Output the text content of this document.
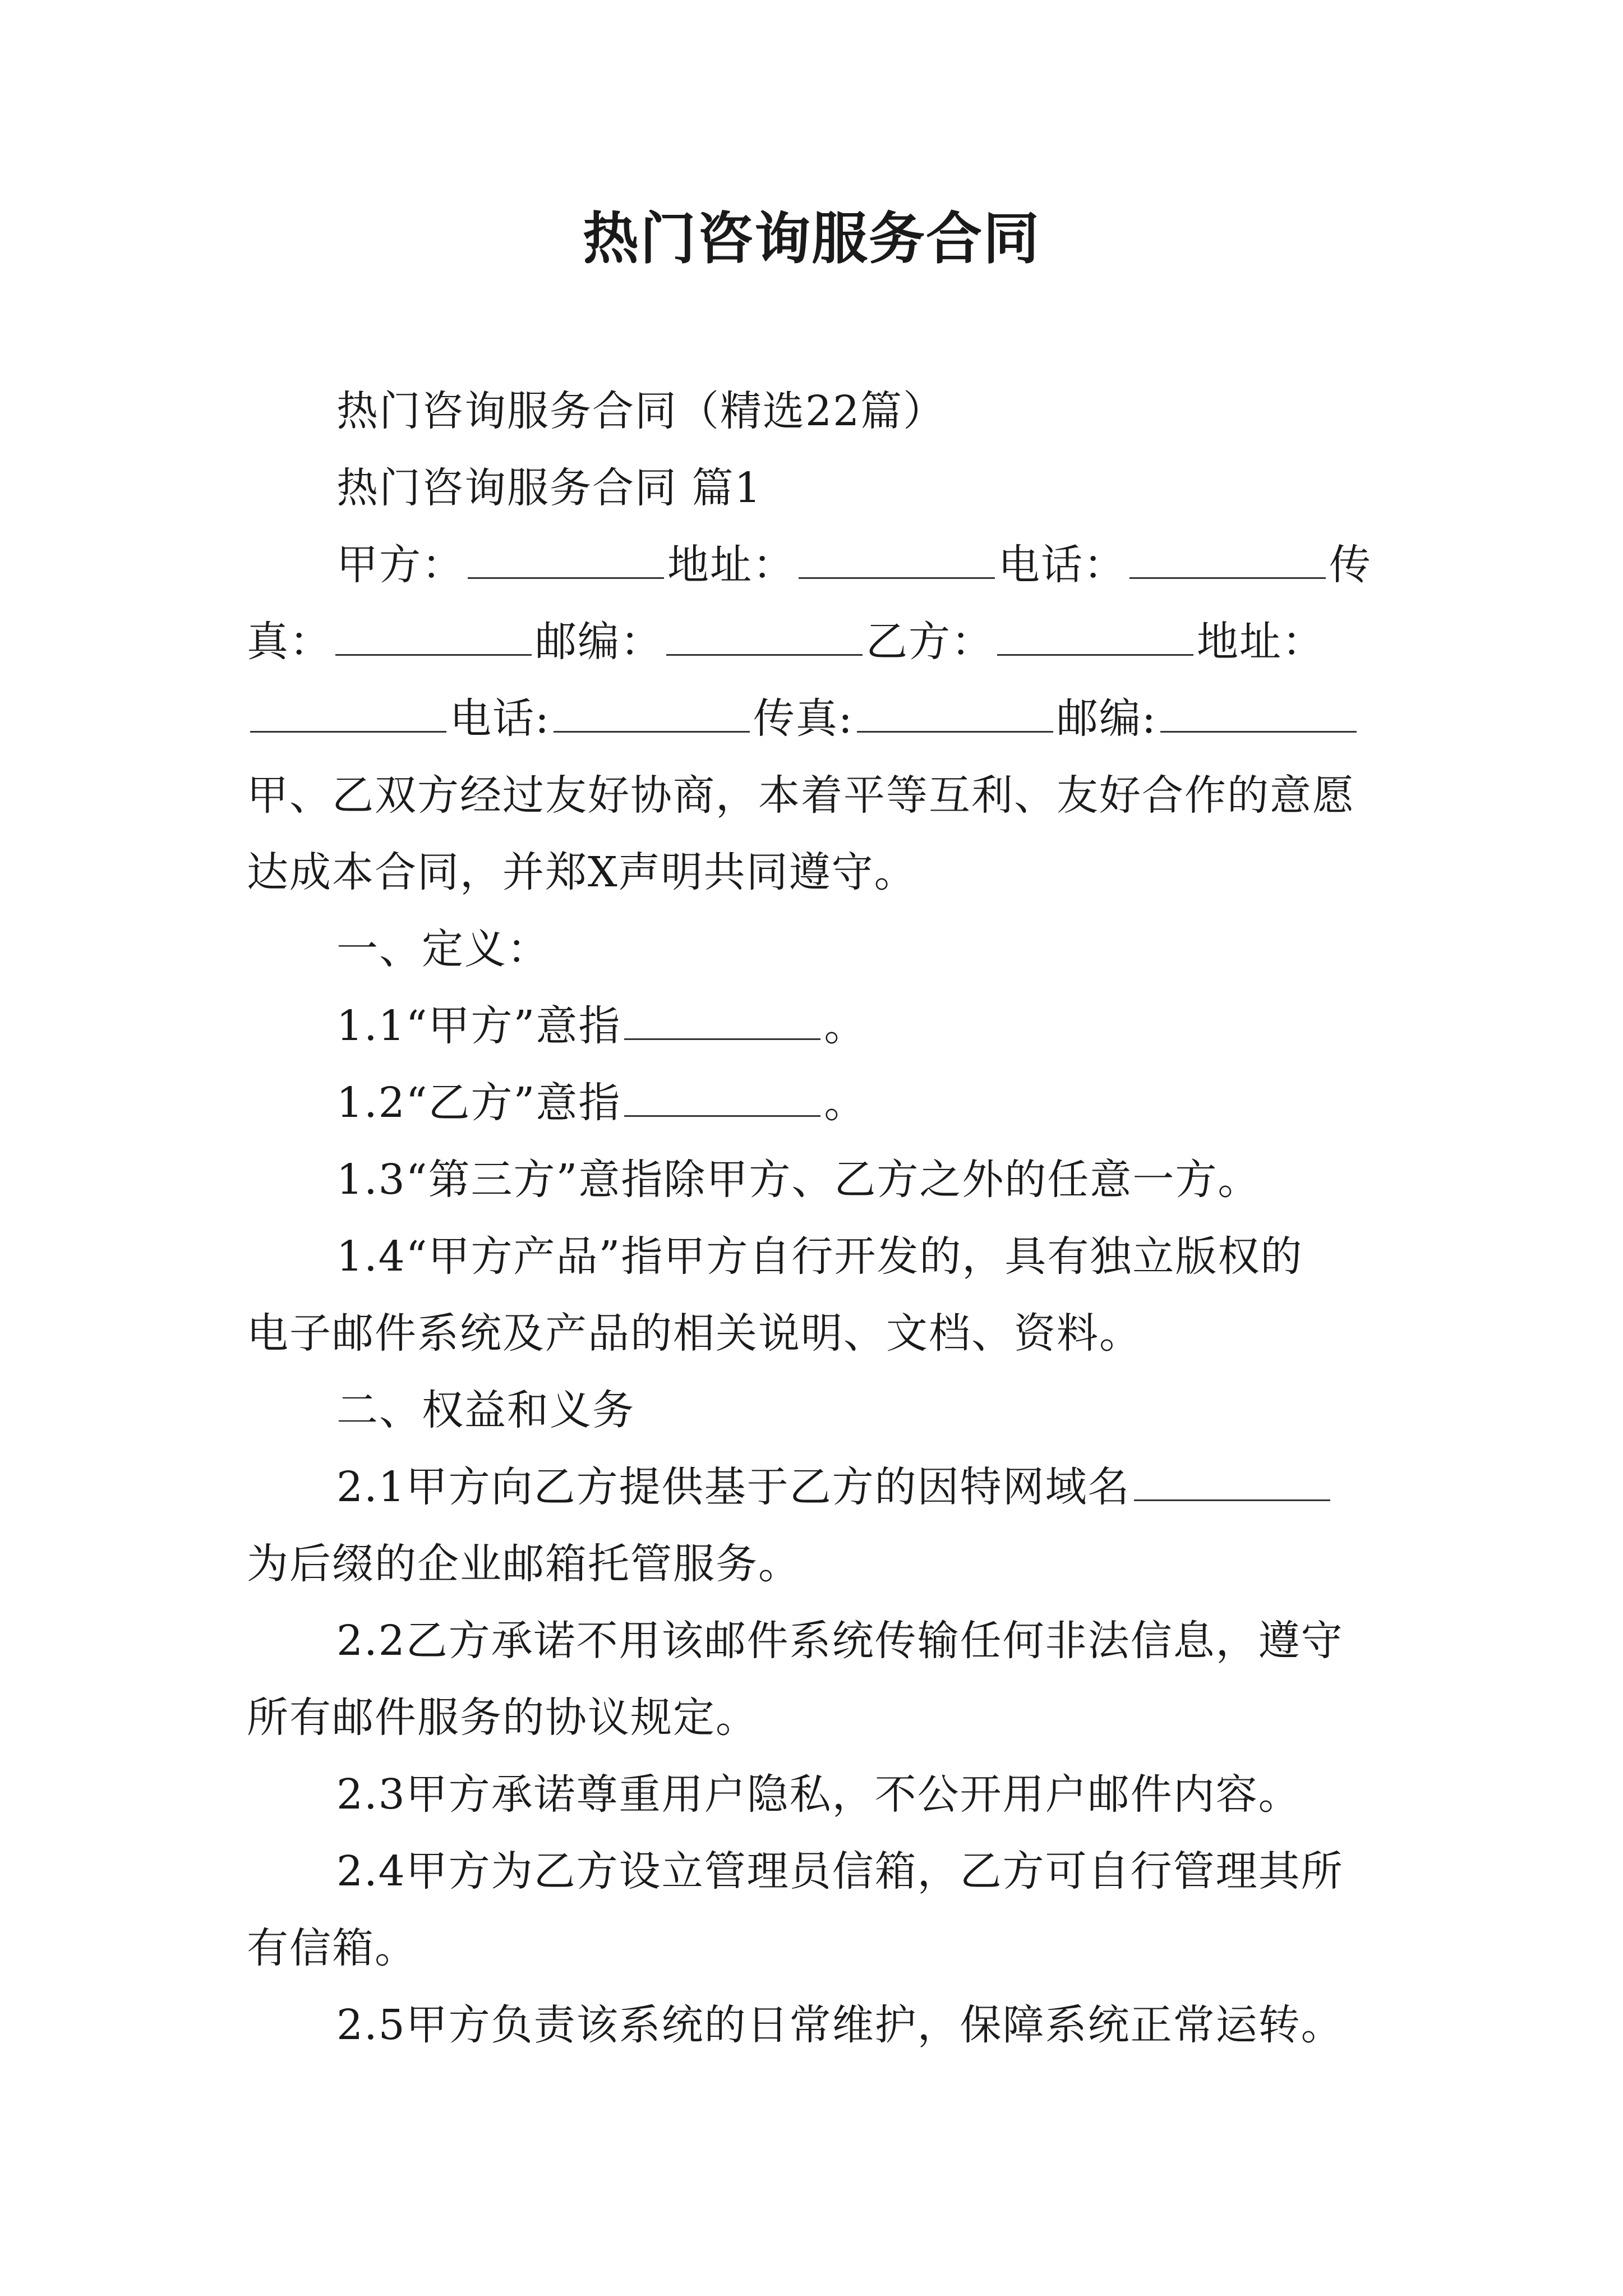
热门咨询服务合同
热门咨询服务合同（精选22篇）
热门咨询服务合同 篇1
甲方：	地址：	电话：	传
真：	邮编：	乙方：	地址：
电话:	传真:	邮编:
甲、乙双方经过友好协商，本着平等互利、友好合作的意愿
达成本合同，并郑X声明共同遵守。
一、定义：
1.1“甲方”意指	。
1.2“乙方”意指	。
1.3“第三方”意指除甲方、乙方之外的任意一方。
1.4“甲方产品”指甲方自行开发的，具有独立版权的
电子邮件系统及产品的相关说明、文档、资料。
二、权益和义务
2.1甲方向乙方提供基于乙方的因特网域名
为后缀的企业邮箱托管服务。
2.2乙方承诺不用该邮件系统传输任何非法信息，遵守
所有邮件服务的协议规定。
2.3甲方承诺尊重用户隐私，不公开用户邮件内容。
2.4甲方为乙方设立管理员信箱，乙方可自行管理其所
有信箱。
2.5甲方负责该系统的日常维护，保障系统正常运转。
